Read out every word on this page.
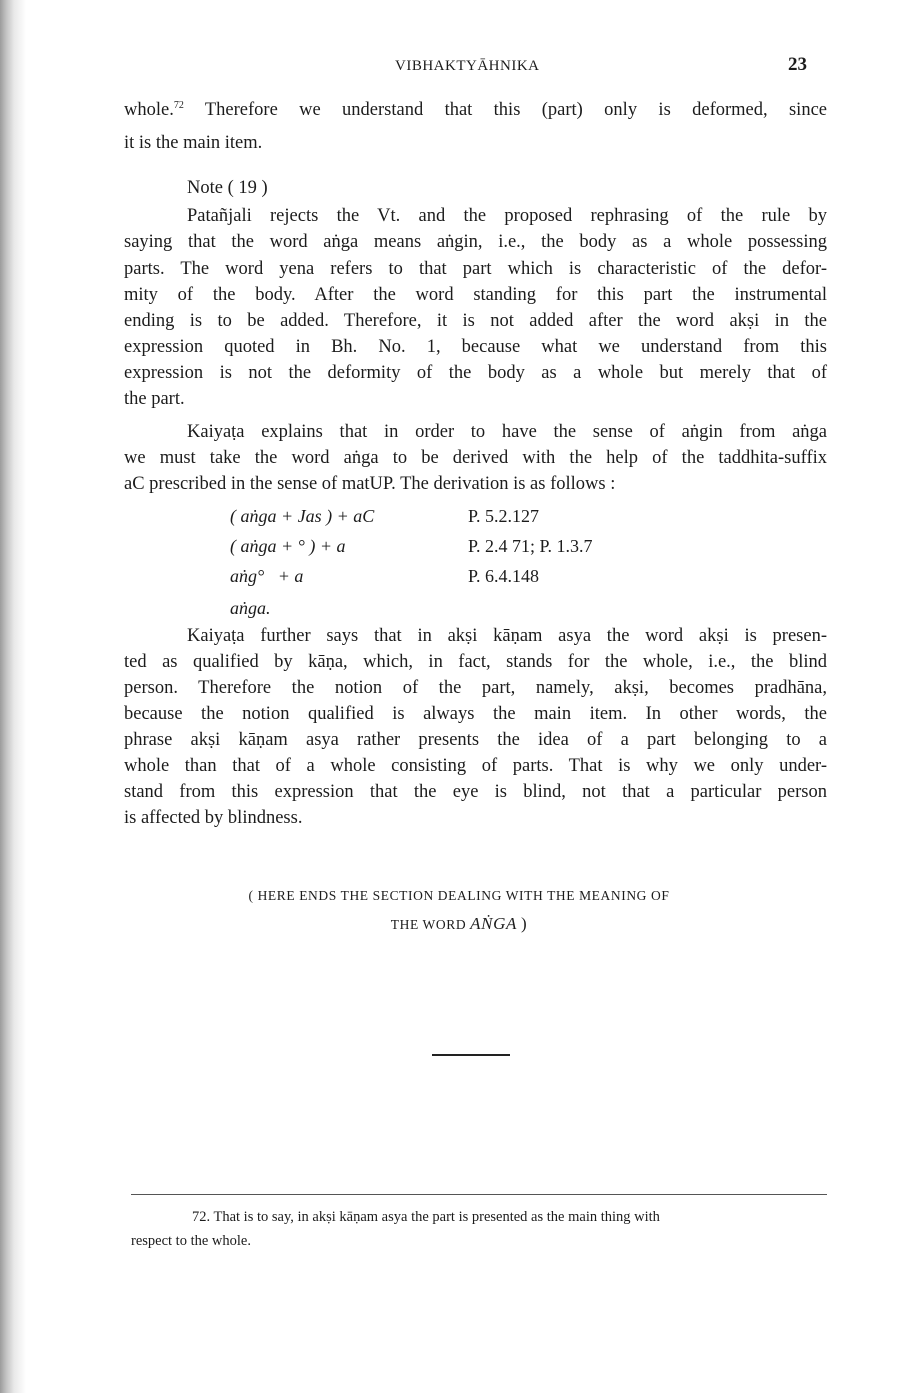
VIBHAKTYĀHNIKA	23
whole.$^{72}$ Therefore we understand that this (part) only is deformed, since
it is the main item.
Note ( 19 )
Patañjali rejects the Vt. and the proposed rephrasing of the rule by
saying that the word aṅga means aṅgin, i.e., the body as a whole possessing
parts. The word yena refers to that part which is characteristic of the defor-
mity of the body. After the word standing for this part the instrumental
ending is to be added. Therefore, it is not added after the word akṣi in the
expression quoted in Bh. No. 1, because what we understand from this
expression is not the deformity of the body as a whole but merely that of
the part.
Kaiyaṭa explains that in order to have the sense of aṅgin from aṅga
we must take the word aṅga to be derived with the help of the taddhita-suffix
aC prescribed in the sense of matUP. The derivation is as follows :
( aṅga + Jas ) + aC	P. 5.2.127
( aṅga + ° ) + a	P. 2.4 71; P. 1.3.7
aṅg°   + a	P. 6.4.148
aṅga.
Kaiyaṭa further says that in akṣi kāṇam asya the word akṣi is presen-
ted as qualified by kāṇa, which, in fact, stands for the whole, i.e., the blind
person. Therefore the notion of the part, namely, akṣi, becomes pradhāna,
because the notion qualified is always the main item. In other words, the
phrase akṣi kāṇam asya rather presents the idea of a part belonging to a
whole than that of a whole consisting of parts. That is why we only under-
stand from this expression that the eye is blind, not that a particular person
is affected by blindness.
( HERE ENDS THE SECTION DEALING WITH THE MEANING OF
THE WORD AṄGA )
72. That is to say, in akṣi kāṇam asya the part is presented as the main thing with
respect to the whole.
